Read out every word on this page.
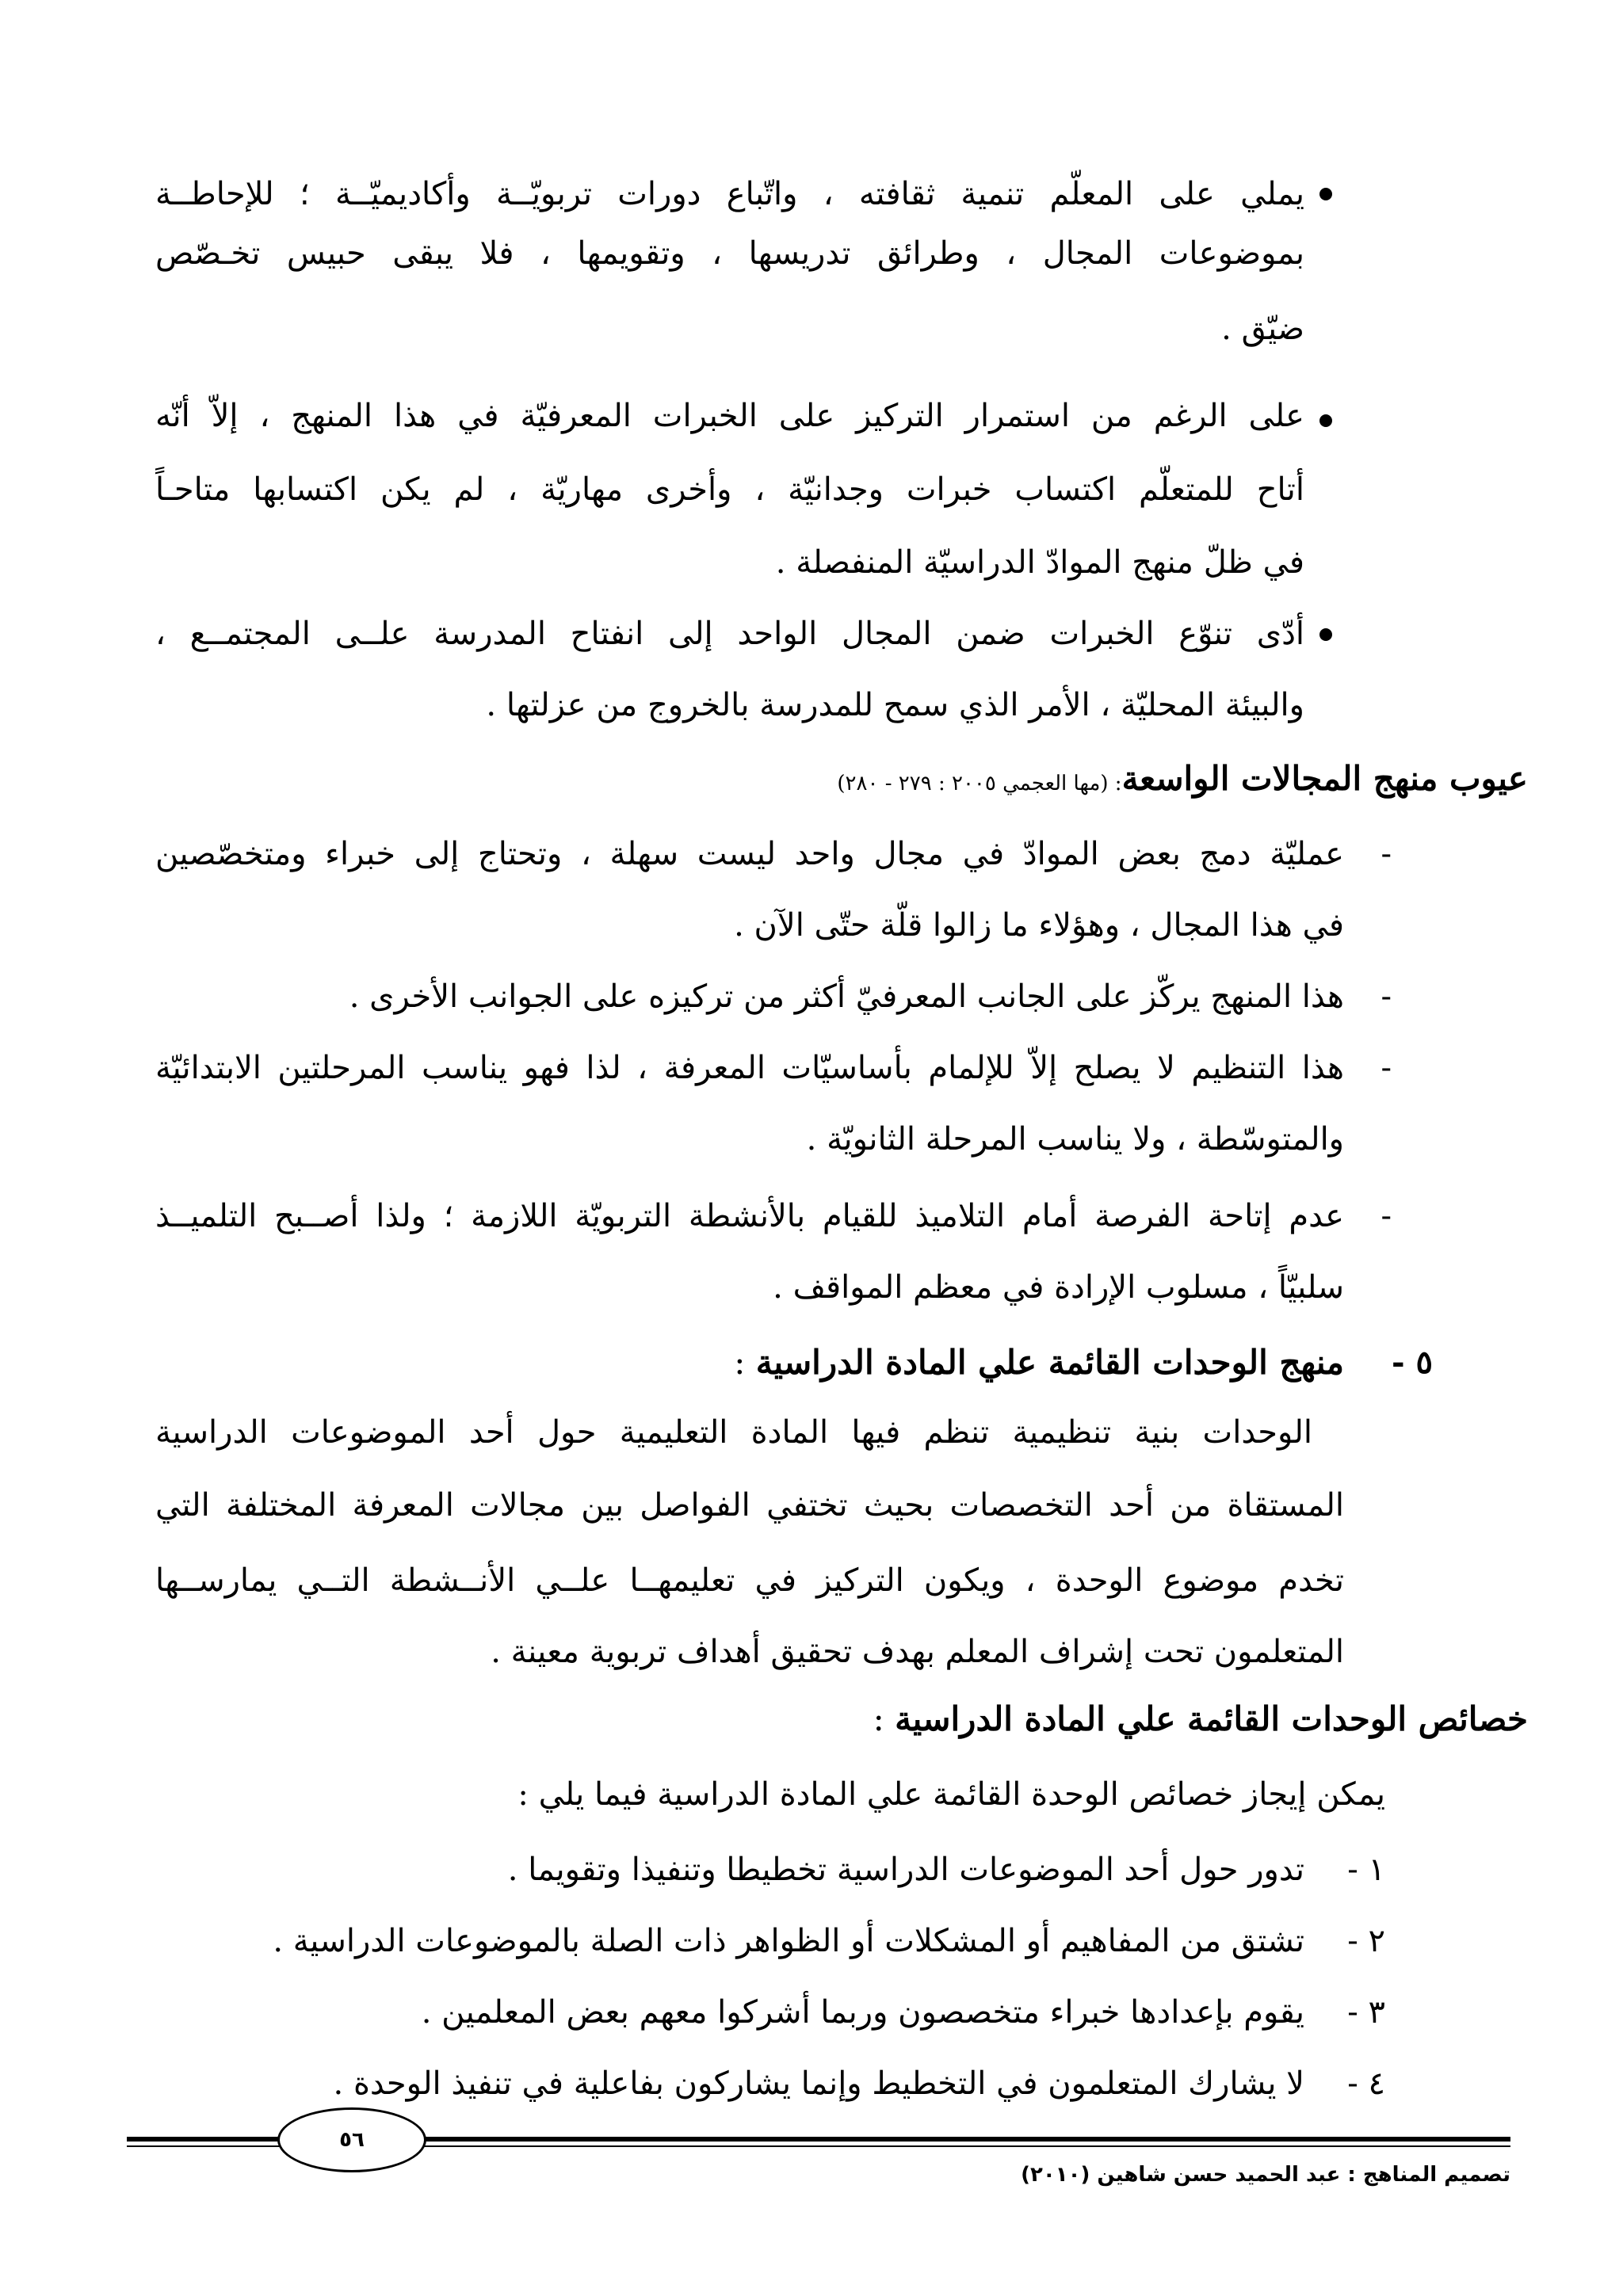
يملي على المعلّم تنمية ثقافته ، واتّباع دورات تربويّــة وأكاديميّــة ؛ للإحاطــة
بموضوعات المجال ، وطرائق تدريسها ، وتقويمها ، فلا يبقى حبيس تخـصّص
ضيّق .
على الرغم من استمرار التركيز على الخبرات المعرفيّة في هذا المنهج ، إلاّ أنّه
أتاح للمتعلّم اكتساب خبرات وجدانيّة ، وأخرى مهاريّة ، لم يكن اكتسابها متاحـاً
في ظلّ منهج الموادّ الدراسيّة المنفصلة .
أدّى تنوّع الخبرات ضمن المجال الواحد إلى انفتاح المدرسة علــى المجتمــع ،
والبيئة المحليّة ، الأمر الذي سمح للمدرسة بالخروج من عزلتها .
عيوب منهج المجالات الواسعة: (مها العجمي ٢٠٠٥ : ٢٧٩ - ٢٨٠)
-
عمليّة دمج بعض الموادّ في مجال واحد ليست سهلة ، وتحتاج إلى خبراء ومتخصّصين
في هذا المجال ، وهؤلاء ما زالوا قلّة حتّى الآن .
-
هذا المنهج يركّز على الجانب المعرفيّ أكثر من تركيزه على الجوانب الأخرى .
-
هذا التنظيم لا يصلح إلاّ للإلمام بأساسيّات المعرفة ، لذا فهو يناسب المرحلتين الابتدائيّة
والمتوسّطة ، ولا يناسب المرحلة الثانويّة .
-
عدم إتاحة الفرصة أمام التلاميذ للقيام بالأنشطة التربويّة اللازمة ؛ ولذا أصــبح التلميــذ
سلبيّاً ، مسلوب الإرادة في معظم المواقف .
٥ -
منهج الوحدات القائمة علي المادة الدراسية :
الوحدات بنية تنظيمية تنظم فيها المادة التعليمية حول أحد الموضوعات الدراسية
المستقاة من أحد التخصصات بحيث تختفي الفواصل بين مجالات المعرفة المختلفة التي
تخدم موضوع الوحدة ، ويكون التركيز في تعليمهــا علــي الأنــشطة التــي يمارســها
المتعلمون تحت إشراف المعلم بهدف تحقيق أهداف تربوية معينة .
خصائص الوحدات القائمة علي المادة الدراسية :
يمكن إيجاز خصائص الوحدة القائمة علي المادة الدراسية فيما يلي :
١ -
تدور حول أحد الموضوعات الدراسية تخطيطا وتنفيذا وتقويما .
٢ -
تشتق من المفاهيم أو المشكلات أو الظواهر ذات الصلة بالموضوعات الدراسية .
٣ -
يقوم بإعدادها خبراء متخصصون وربما أشركوا معهم بعض المعلمين .
٤ -
لا يشارك المتعلمون في التخطيط وإنما يشاركون بفاعلية في تنفيذ الوحدة .
٥٦
تصميم المناهج : عبد الحميد حسن شاهين (٢٠١٠)
